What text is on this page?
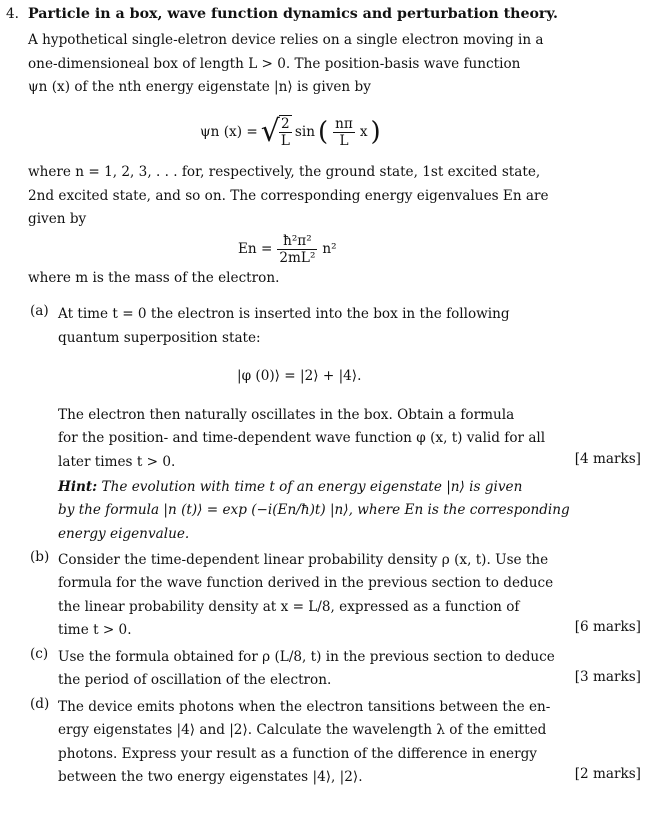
4. Particle in a box, wave function dynamics and perturbation theory.
A hypothetical single-eletron device relies on a single electron moving in a
one-dimensioneal box of length L > 0. The position-basis wave function
ψn (x) of the nth energy eigenstate |n⟩ is given by
ψn (x) = √ $\frac{2}{L}$ sin ( $\frac{n\pi}{L}$ x )
where n = 1, 2, 3, . . . for, respectively, the ground state, 1st excited state,
2nd excited state, and so on. The corresponding energy eigenvalues En are
given by
$En = \frac{\text{ħ²π²}}{\text{2mL²}} n^2$
where m is the mass of the electron.
(a) At time t = 0 the electron is inserted into the box in the following
quantum superposition state:
|φ (0)⟩ = |2⟩ + |4⟩.
The electron then naturally oscillates in the box. Obtain a formula
for the position- and time-dependent wave function φ (x, t) valid for all
later times t > 0.	[4 marks]
Hint: The evolution with time t of an energy eigenstate |n⟩ is given
by the formula |n (t)⟩ = exp (−i(En/ħ)t) |n⟩, where En is the corresponding
energy eigenvalue.
(b) Consider the time-dependent linear probability density ρ (x, t). Use the
formula for the wave function derived in the previous section to deduce
the linear probability density at x = L/8, expressed as a function of
time t > 0.	[6 marks]
(c) Use the formula obtained for ρ (L/8, t) in the previous section to deduce
the period of oscillation of the electron.	[3 marks]
(d) The device emits photons when the electron tansitions between the en-
ergy eigenstates |4⟩ and |2⟩. Calculate the wavelength λ of the emitted
photons. Express your result as a function of the difference in energy
between the two energy eigenstates |4⟩, |2⟩.	[2 marks]
